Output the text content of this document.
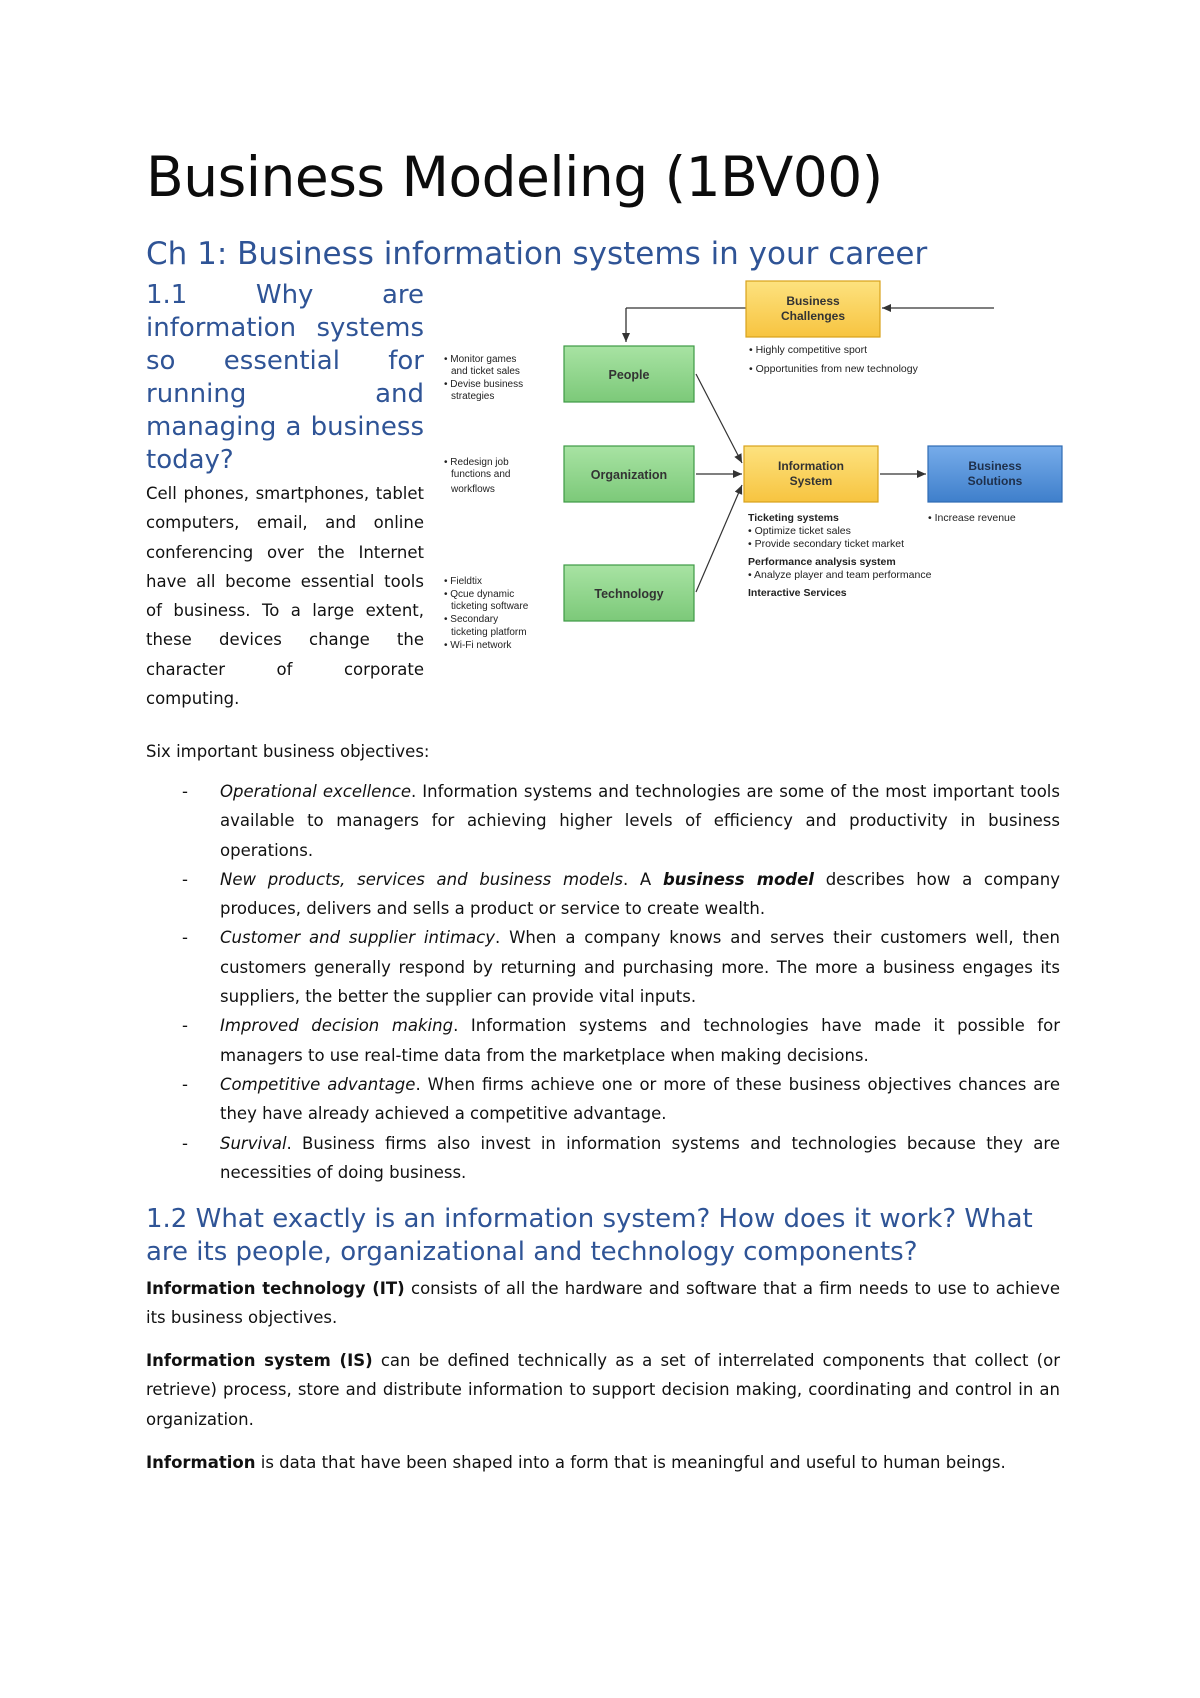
Business Modeling (1BV00)
Ch 1: Business information systems in your career
1.1 Why are information systems so essential for running and managing a business today?

Cell phones, smartphones, tablet computers, email, and online conferencing over the Internet have all become essential tools of business. To a large extent, these devices change the character of corporate computing.

Business
Challenges
• Highly competitive sport
• Opportunities from new technology
People
Organization
Technology
• Monitor games
and ticket sales
• Devise business
strategies
• Redesign job
functions and
workflows
• Fieldtix
• Qcue dynamic
ticketing software
• Secondary
ticketing platform
• Wi-Fi network
Information
System
Business
Solutions
Ticketing systems
• Optimize ticket sales
• Provide secondary ticket market
Performance analysis system
• Analyze player and team performance
Interactive Services
• Increase revenue

Six important business objectives:

- Operational excellence. Information systems and technologies are some of the most important tools available to managers for achieving higher levels of efficiency and productivity in business operations.
- New products, services and business models. A business model describes how a company produces, delivers and sells a product or service to create wealth.
- Customer and supplier intimacy. When a company knows and serves their customers well, then customers generally respond by returning and purchasing more. The more a business engages its suppliers, the better the supplier can provide vital inputs.
- Improved decision making. Information systems and technologies have made it possible for managers to use real-time data from the marketplace when making decisions.
- Competitive advantage. When firms achieve one or more of these business objectives chances are they have already achieved a competitive advantage.
- Survival. Business firms also invest in information systems and technologies because they are necessities of doing business.
1.2 What exactly is an information system? How does it work? What are its people, organizational and technology components?

Information technology (IT) consists of all the hardware and software that a firm needs to use to achieve its business objectives.

Information system (IS) can be defined technically as a set of interrelated components that collect (or retrieve) process, store and distribute information to support decision making, coordinating and control in an organization.

Information is data that have been shaped into a form that is meaningful and useful to human beings.
